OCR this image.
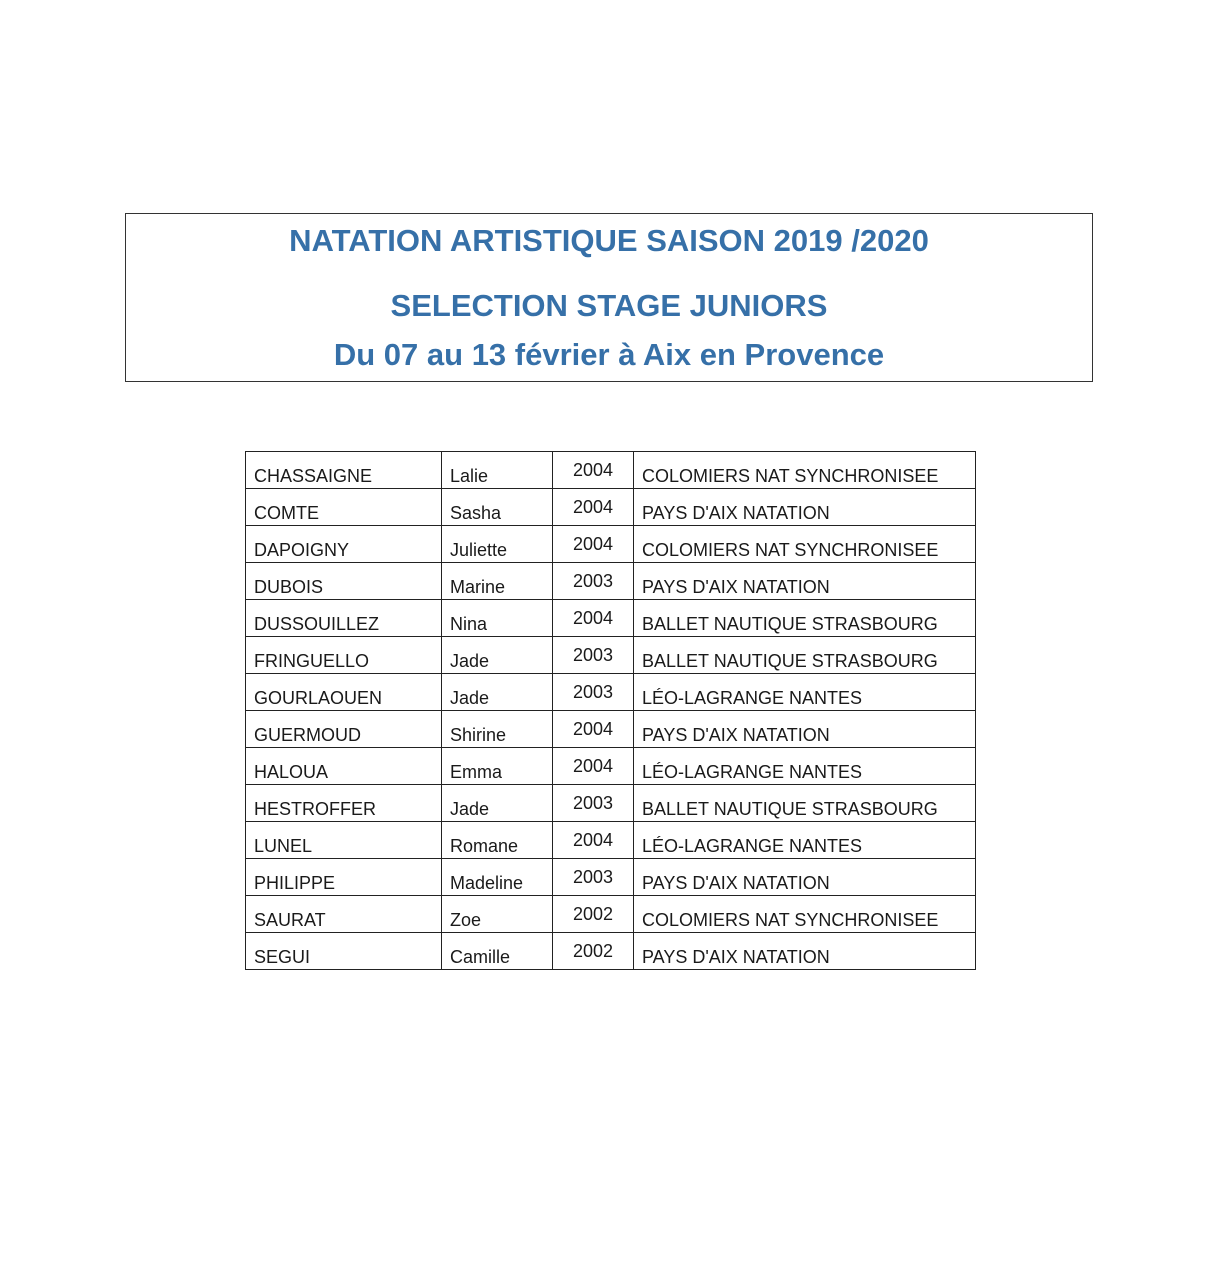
NATATION ARTISTIQUE SAISON 2019 /2020
SELECTION STAGE JUNIORS
Du 07 au 13 février à Aix en Provence
CHASSAIGNE	Lalie	2004	COLOMIERS NAT SYNCHRONISEE
COMTE	Sasha	2004	PAYS D'AIX NATATION
DAPOIGNY	Juliette	2004	COLOMIERS NAT SYNCHRONISEE
DUBOIS	Marine	2003	PAYS D'AIX NATATION
DUSSOUILLEZ	Nina	2004	BALLET NAUTIQUE STRASBOURG
FRINGUELLO	Jade	2003	BALLET NAUTIQUE STRASBOURG
GOURLAOUEN	Jade	2003	LÉO-LAGRANGE NANTES
GUERMOUD	Shirine	2004	PAYS D'AIX NATATION
HALOUA	Emma	2004	LÉO-LAGRANGE NANTES
HESTROFFER	Jade	2003	BALLET NAUTIQUE STRASBOURG
LUNEL	Romane	2004	LÉO-LAGRANGE NANTES
PHILIPPE	Madeline	2003	PAYS D'AIX NATATION
SAURAT	Zoe	2002	COLOMIERS NAT SYNCHRONISEE
SEGUI	Camille	2002	PAYS D'AIX NATATION
